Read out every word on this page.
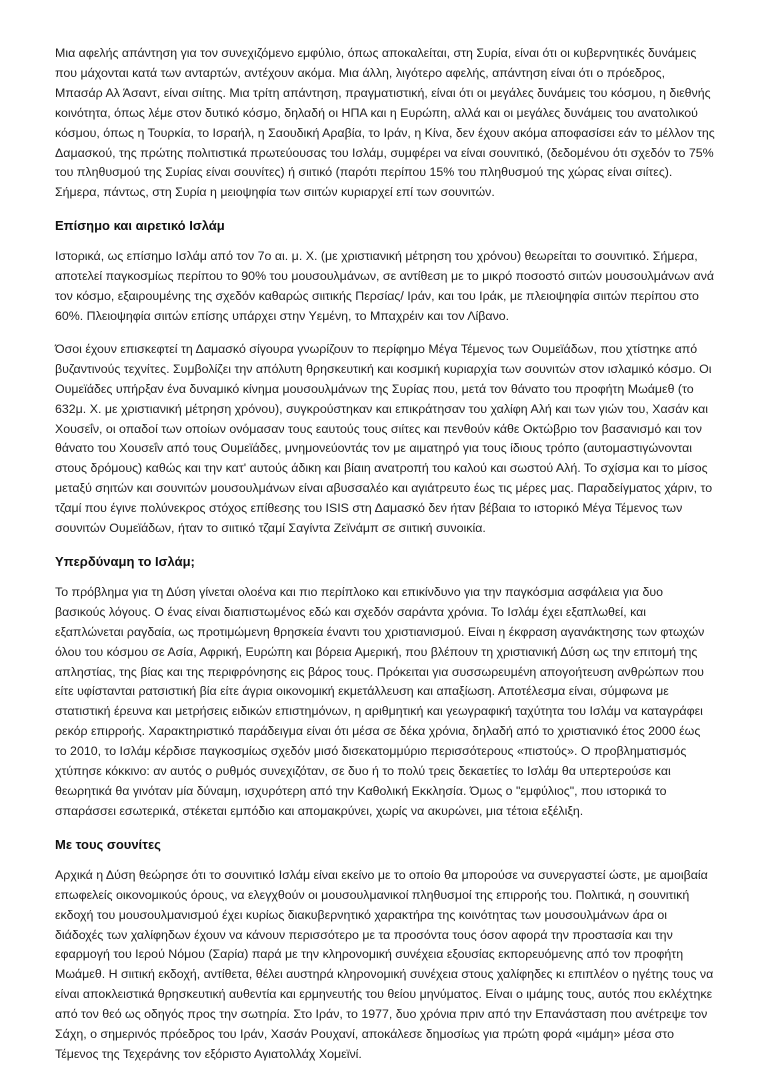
Μια αφελής απάντηση για τον συνεχιζόμενο εμφύλιο, όπως αποκαλείται, στη Συρία, είναι ότι οι κυβερνητικές δυνάμεις που μάχονται κατά των ανταρτών, αντέχουν ακόμα. Μια άλλη, λιγότερο αφελής, απάντηση είναι ότι ο πρόεδρος, Μπασάρ Αλ Άσαντ, είναι σιίτης. Μια τρίτη απάντηση, πραγματιστική, είναι ότι οι μεγάλες δυνάμεις του κόσμου, η διεθνής κοινότητα, όπως λέμε στον δυτικό κόσμο, δηλαδή οι ΗΠΑ και η Ευρώπη, αλλά και οι μεγάλες δυνάμεις του ανατολικού κόσμου, όπως η Τουρκία, το Ισραήλ, η Σαουδική Αραβία, το Ιράν, η Κίνα, δεν έχουν ακόμα αποφασίσει εάν το μέλλον της Δαμασκού, της πρώτης πολιτιστικά πρωτεύουσας του Ισλάμ, συμφέρει να είναι σουνιτικό, (δεδομένου ότι σχεδόν το 75% του πληθυσμού της Συρίας είναι σουνίτες) ή σιιτικό (παρότι περίπου 15% του πληθυσμού της χώρας είναι σιίτες). Σήμερα, πάντως, στη Συρία η μειοψηφία των σιιτών κυριαρχεί επί των σουνιτών.

Επίσημο και αιρετικό Ισλάμ

Ιστορικά, ως επίσημο Ισλάμ από τον 7ο αι. μ. Χ. (με χριστιανική μέτρηση του χρόνου) θεωρείται το σουνιτικό. Σήμερα, αποτελεί παγκοσμίως περίπου το 90% του μουσουλμάνων, σε αντίθεση με το μικρό ποσοστό σιιτών μουσουλμάνων ανά τον κόσμο, εξαιρουμένης της σχεδόν καθαρώς σιιτικής Περσίας/ Ιράν, και του Ιράκ, με πλειοψηφία σιιτών περίπου στο 60%. Πλειοψηφία σιιτών επίσης υπάρχει στην Υεμένη, το Μπαχρέιν και τον Λίβανο.

Όσοι έχουν επισκεφτεί τη Δαμασκό σίγουρα γνωρίζουν το περίφημο Μέγα Τέμενος των Ουμεϊάδων, που χτίστηκε από βυζαντινούς τεχνίτες. Συμβολίζει την απόλυτη θρησκευτική και κοσμική κυριαρχία των σουνιτών στον ισλαμικό κόσμο. Οι Ουμεϊάδες υπήρξαν ένα δυναμικό κίνημα μουσουλμάνων της Συρίας που, μετά τον θάνατο του προφήτη Μωάμεθ (το 632μ. Χ. με χριστιανική μέτρηση χρόνου), συγκρούστηκαν και επικράτησαν του χαλίφη Αλή και των γιών του, Χασάν και Χουσεΐν, οι οπαδοί των οποίων ονόμασαν τους εαυτούς τους σιίτες και πενθούν κάθε Οκτώβριο τον βασανισμό και τον θάνατο του Χουσεΐν από τους Ουμεϊάδες, μνημονεύοντάς τον με αιματηρό για τους ίδιους τρόπο (αυτομαστιγώνονται στους δρόμους) καθώς και την κατ' αυτούς άδικη και βίαιη ανατροπή του καλού και σωστού Αλή. Το σχίσμα και το μίσος μεταξύ σηιτών και σουνιτών μουσουλμάνων είναι αβυσσαλέο και αγιάτρευτο έως τις μέρες μας. Παραδείγματος χάριν, το τζαμί που έγινε πολύνεκρος στόχος επίθεσης του ISIS στη Δαμασκό δεν ήταν βέβαια το ιστορικό Μέγα Τέμενος των σουνιτών Ουμεϊάδων, ήταν το σιιτικό τζαμί Σαγίντα Ζεϊνάμπ σε σιιτική συνοικία.

Υπερδύναμη το Ισλάμ;

Το πρόβλημα για τη Δύση γίνεται ολοένα και πιο περίπλοκο και επικίνδυνο για την παγκόσμια ασφάλεια για δυο βασικούς λόγους. Ο ένας είναι διαπιστωμένος εδώ και σχεδόν σαράντα χρόνια. Το Ισλάμ έχει εξαπλωθεί, και εξαπλώνεται ραγδαία, ως προτιμώμενη θρησκεία έναντι του χριστιανισμού. Είναι η έκφραση αγανάκτησης των φτωχών όλου του κόσμου σε Ασία, Αφρική, Ευρώπη και βόρεια Αμερική, που βλέπουν τη χριστιανική Δύση ως την επιτομή της απληστίας, της βίας και της περιφρόνησης εις βάρος τους. Πρόκειται για συσσωρευμένη απογοήτευση ανθρώπων που είτε υφίστανται ρατσιστική βία είτε άγρια οικονομική εκμετάλλευση και απαξίωση. Αποτέλεσμα είναι, σύμφωνα με στατιστική έρευνα και μετρήσεις ειδικών επιστημόνων, η αριθμητική και γεωγραφική ταχύτητα του Ισλάμ να καταγράφει ρεκόρ επιρροής. Χαρακτηριστικό παράδειγμα είναι ότι μέσα σε δέκα χρόνια, δηλαδή από το χριστιανικό έτος 2000 έως το 2010, το Ισλάμ κέρδισε παγκοσμίως σχεδόν μισό δισεκατομμύριο περισσότερους «πιστούς». Ο προβληματισμός χτύπησε κόκκινο: αν αυτός ο ρυθμός συνεχιζόταν, σε δυο ή το πολύ τρεις δεκαετίες το Ισλάμ θα υπερτερούσε και θεωρητικά θα γινόταν μία δύναμη, ισχυρότερη από την Καθολική Εκκλησία. Όμως ο "εμφύλιος", που ιστορικά το σπαράσσει εσωτερικά, στέκεται εμπόδιο και απομακρύνει, χωρίς να ακυρώνει, μια τέτοια εξέλιξη.

Με τους σουνίτες

Αρχικά η Δύση θεώρησε ότι το σουνιτικό Ισλάμ είναι εκείνο με το οποίο θα μπορούσε να συνεργαστεί ώστε, με αμοιβαία επωφελείς οικονομικούς όρους, να ελεγχθούν οι μουσουλμανικοί πληθυσμοί της επιρροής του. Πολιτικά, η σουνιτική εκδοχή του μουσουλμανισμού έχει κυρίως διακυβερνητικό χαρακτήρα της κοινότητας των μουσουλμάνων άρα οι διάδοχές των χαλίφηδων έχουν να κάνουν περισσότερο με τα προσόντα τους όσον αφορά την προστασία και την εφαρμογή του Ιερού Νόμου (Σαρία) παρά με την κληρονομική συνέχεια εξουσίας εκπορευόμενης από τον προφήτη Μωάμεθ. Η σιιτική εκδοχή, αντίθετα, θέλει αυστηρά κληρονομική συνέχεια στους χαλίφηδες κι επιπλέον ο ηγέτης τους να είναι αποκλειστικά θρησκευτική αυθεντία και ερμηνευτής του θείου μηνύματος. Είναι ο ιμάμης τους, αυτός που εκλέχτηκε από τον θεό ως οδηγός προς την σωτηρία. Στο Ιράν, το 1977, δυο χρόνια πριν από την Επανάσταση που ανέτρεψε τον Σάχη, ο σημερινός πρόεδρος του Ιράν, Χασάν Ρουχανί, αποκάλεσε δημοσίως για πρώτη φορά «ιμάμη» μέσα στο Τέμενος της Τεχεράνης τον εξόριστο Αγιατολλάχ Χομεϊνί.
